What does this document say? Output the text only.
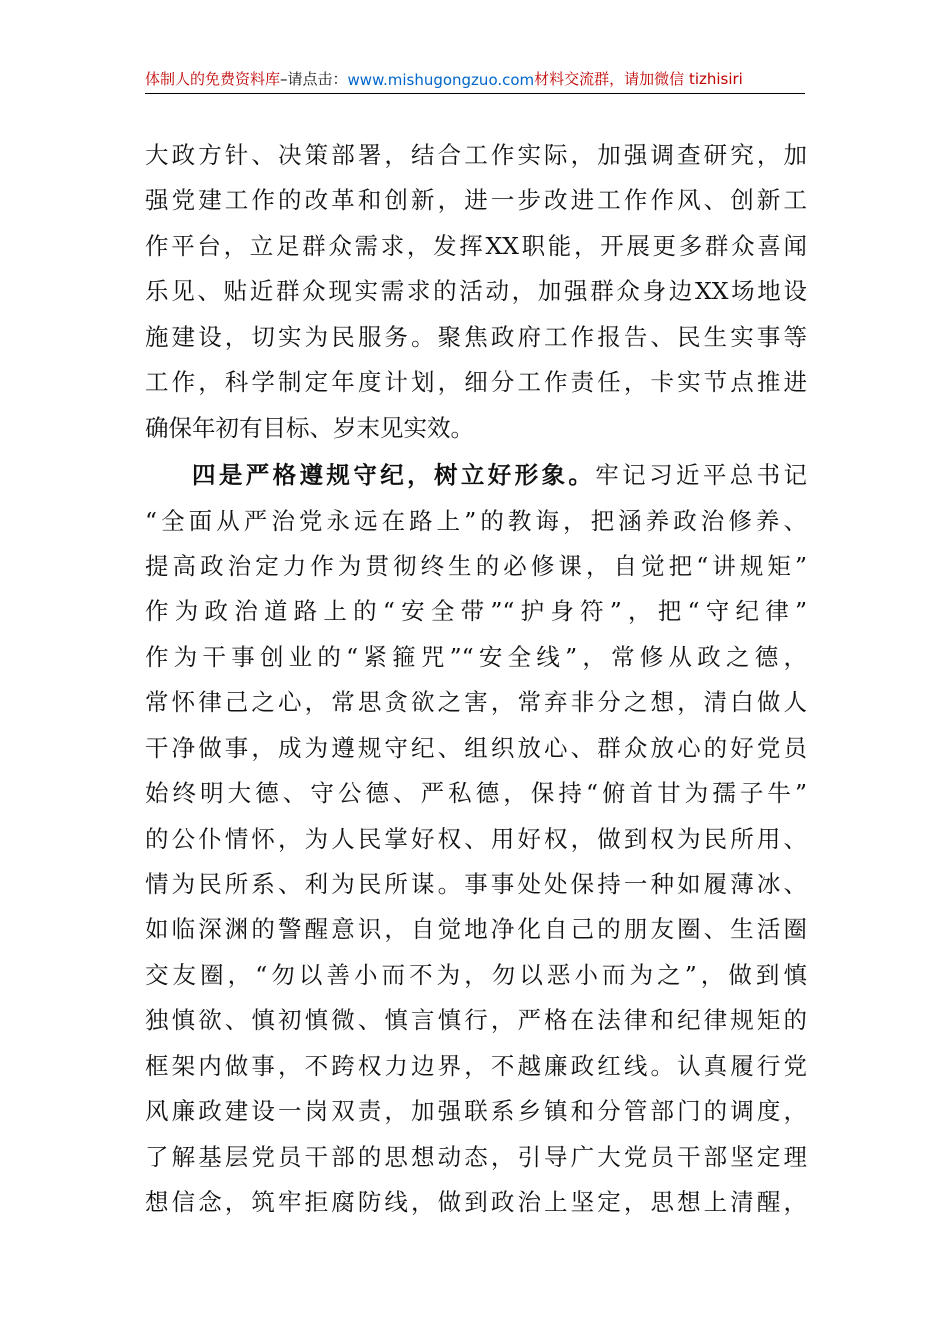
体制人的免费资料库 –请点击： www.mishugongzuo.com 材料交流群，请加微信 tizhisiri
大政方针、决策部署，结合工作实际，加强调查研究，加
强党建工作的改革和创新，进一步改进工作作风、创新工
作平台，立足群众需求，发挥XX职能，开展更多群众喜闻
乐见、贴近群众现实需求的活动，加强群众身边XX场地设
施建设，切实为民服务。聚焦政府工作报告、民生实事等
工作，科学制定年度计划，细分工作责任，卡实节点推进
确保年初有目标、岁末见实效。
四是严格遵规守纪，树立好形象。牢记习近平总书记
“全面从严治党永远在路上”的教诲，把涵养政治修养、
提高政治定力作为贯彻终生的必修课，自觉把“讲规矩”
作为政治道路上的“安全带”“护身符”，把“守纪律”
作为干事创业的“紧箍咒”“安全线”，常修从政之德，
常怀律己之心，常思贪欲之害，常弃非分之想，清白做人
干净做事，成为遵规守纪、组织放心、群众放心的好党员
始终明大德、守公德、严私德，保持“俯首甘为孺子牛”
的公仆情怀，为人民掌好权、用好权，做到权为民所用、
情为民所系、利为民所谋。事事处处保持一种如履薄冰、
如临深渊的警醒意识，自觉地净化自己的朋友圈、生活圈
交友圈，“勿以善小而不为，勿以恶小而为之”，做到慎
独慎欲、慎初慎微、慎言慎行，严格在法律和纪律规矩的
框架内做事，不跨权力边界，不越廉政红线。认真履行党
风廉政建设一岗双责，加强联系乡镇和分管部门的调度，
了解基层党员干部的思想动态，引导广大党员干部坚定理
想信念，筑牢拒腐防线，做到政治上坚定，思想上清醒，
